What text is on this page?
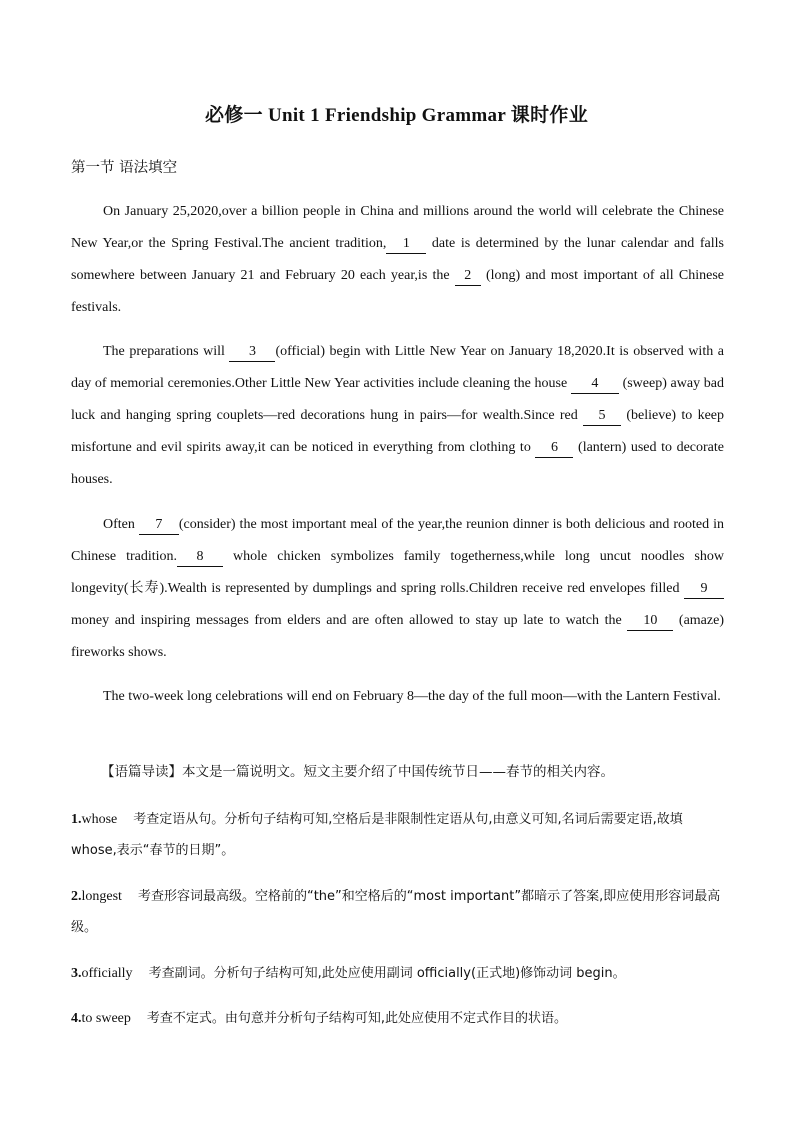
必修一 Unit 1 Friendship Grammar 课时作业
第一节 语法填空
On January 25,2020,over a billion people in China and millions around the world will celebrate the Chinese New Year,or the Spring Festival.The ancient tradition, 1 date is determined by the lunar calendar and falls somewhere between January 21 and February 20 each year,is the 2 (long) and most important of all Chinese festivals.
The preparations will 3 (official) begin with Little New Year on January 18,2020.It is observed with a day of memorial ceremonies.Other Little New Year activities include cleaning the house 4 (sweep) away bad luck and hanging spring couplets—red decorations hung in pairs—for wealth.Since red 5 (believe) to keep misfortune and evil spirits away,it can be noticed in everything from clothing to 6 (lantern) used to decorate houses.
Often 7 (consider) the most important meal of the year,the reunion dinner is both delicious and rooted in Chinese tradition. 8 whole chicken symbolizes family togetherness,while long uncut noodles show longevity(长寿).Wealth is represented by dumplings and spring rolls.Children receive red envelopes filled 9 money and inspiring messages from elders and are often allowed to stay up late to watch the 10 (amaze) fireworks shows.
The two-week long celebrations will end on February 8—the day of the full moon—with the Lantern Festival.
【语篇导读】本文是一篇说明文。短文主要介绍了中国传统节日——春节的相关内容。
1.whose 考查定语从句。分析句子结构可知,空格后是非限制性定语从句,由意义可知,名词后需要定语,故填 whose,表示“春节的日期”。
2.longest 考查形容词最高级。空格前的“the”和空格后的“most important”都暗示了答案,即应使用形容词最高级。
3.officially 考查副词。分析句子结构可知,此处应使用副词 officially(正式地)修饰动词 begin。
4.to sweep 考查不定式。由句意并分析句子结构可知,此处应使用不定式作目的状语。
